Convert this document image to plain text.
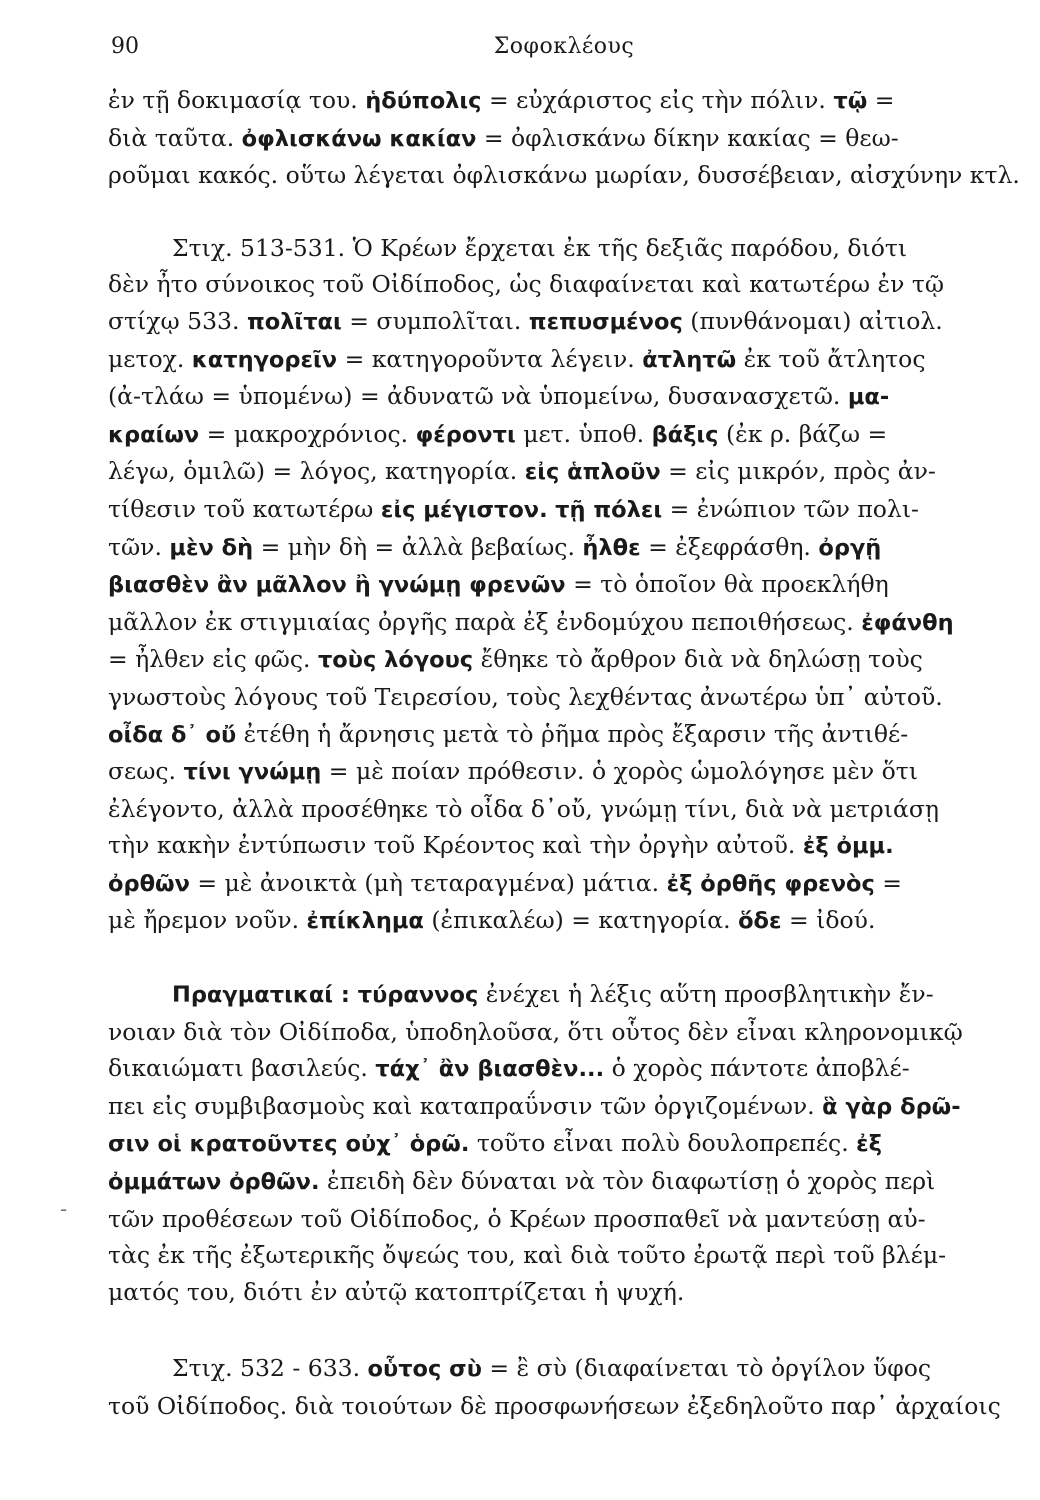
90	Σοφοκλέους
ἐν τῇ δοκιμασίᾳ του. ἡδύπολις = εὐχάριστος εἰς τὴν πόλιν. τῷ =
διὰ ταῦτα. ὀφλισκάνω κακίαν = ὀφλισκάνω δίκην κακίας = θεω-
ροῦμαι κακός. οὕτω λέγεται ὀφλισκάνω μωρίαν, δυσσέβειαν, αἰσχύνην κτλ.
Στιχ. 513-531. Ὁ Κρέων ἔρχεται ἐκ τῆς δεξιᾶς παρόδου, διότι
δὲν ἦτο σύνοικος τοῦ Οἰδίποδος, ὡς διαφαίνεται καὶ κατωτέρω ἐν τῷ
στίχῳ 533. πολῖται = συμπολῖται. πεπυσμένος (πυνθάνομαι) αἰτιολ.
μετοχ. κατηγορεῖν = κατηγοροῦντα λέγειν. ἀτλητῶ ἐκ τοῦ ἄτλητος
(ἀ-τλάω = ὑπομένω) = ἀδυνατῶ νὰ ὑπομείνω, δυσανασχετῶ. μα-
κραίων = μακροχρόνιος. φέροντι μετ. ὑποθ. βάξις (ἐκ ρ. βάζω =
λέγω, ὁμιλῶ) = λόγος, κατηγορία. εἰς ἁπλοῦν = εἰς μικρόν, πρὸς ἀν-
τίθεσιν τοῦ κατωτέρω εἰς μέγιστον. τῇ πόλει = ἐνώπιον τῶν πολι-
τῶν. μὲν δὴ = μὴν δὴ = ἀλλὰ βεβαίως. ἦλθε = ἐξεφράσθη. ὀργῇ
βιασθὲν ἂν μᾶλλον ἢ γνώμῃ φρενῶν = τὸ ὁποῖον θὰ προεκλήθη
μᾶλλον ἐκ στιγμιαίας ὀργῆς παρὰ ἐξ ἐνδομύχου πεποιθήσεως. ἐφάνθη
= ἦλθεν εἰς φῶς. τοὺς λόγους ἔθηκε τὸ ἄρθρον διὰ νὰ δηλώσῃ τοὺς
γνωστοὺς λόγους τοῦ Τειρεσίου, τοὺς λεχθέντας ἀνωτέρω ὑπ᾽ αὐτοῦ.
οἶδα δ᾽ οὔ ἐτέθη ἡ ἄρνησις μετὰ τὸ ῥῆμα πρὸς ἔξαρσιν τῆς ἀντιθέ-
σεως. τίνι γνώμῃ = μὲ ποίαν πρόθεσιν. ὁ χορὸς ὡμολόγησε μὲν ὅτι
ἐλέγοντο, ἀλλὰ προσέθηκε τὸ οἶδα δ᾽οὔ, γνώμῃ τίνι, διὰ νὰ μετριάσῃ
τὴν κακὴν ἐντύπωσιν τοῦ Κρέοντος καὶ τὴν ὀργὴν αὐτοῦ. ἐξ ὀμμ.
ὀρθῶν = μὲ ἀνοικτὰ (μὴ τεταραγμένα) μάτια. ἐξ ὀρθῆς φρενὸς =
μὲ ἤρεμον νοῦν. ἐπίκλημα (ἐπικαλέω) = κατηγορία. ὅδε = ἰδού.
Πραγματικαί : τύραννος ἐνέχει ἡ λέξις αὕτη προσβλητικὴν ἔν-
νοιαν διὰ τὸν Οἰδίποδα, ὑποδηλοῦσα, ὅτι οὗτος δὲν εἶναι κληρονομικῷ
δικαιώματι βασιλεύς. τάχ᾽ ἂν βιασθὲν... ὁ χορὸς πάντοτε ἀποβλέ-
πει εἰς συμβιβασμοὺς καὶ καταπραΰνσιν τῶν ὀργιζομένων. ἃ γὰρ δρῶ-
σιν οἱ κρατοῦντες οὐχ᾽ ὁρῶ. τοῦτο εἶναι πολὺ δουλοπρεπές. ἐξ
ὀμμάτων ὀρθῶν. ἐπειδὴ δὲν δύναται νὰ τὸν διαφωτίσῃ ὁ χορὸς περὶ
τῶν προθέσεων τοῦ Οἰδίποδος, ὁ Κρέων προσπαθεῖ νὰ μαντεύσῃ αὐ-
τὰς ἐκ τῆς ἐξωτερικῆς ὄψεώς του, καὶ διὰ τοῦτο ἐρωτᾷ περὶ τοῦ βλέμ-
ματός του, διότι ἐν αὐτῷ κατοπτρίζεται ἡ ψυχή.
Στιχ. 532 - 633. οὗτος σὺ = ἒ σὺ (διαφαίνεται τὸ ὀργίλον ὕφος
τοῦ Οἰδίποδος. διὰ τοιούτων δὲ προσφωνήσεων ἐξεδηλοῦτο παρ᾽ ἀρχαίοις
-
